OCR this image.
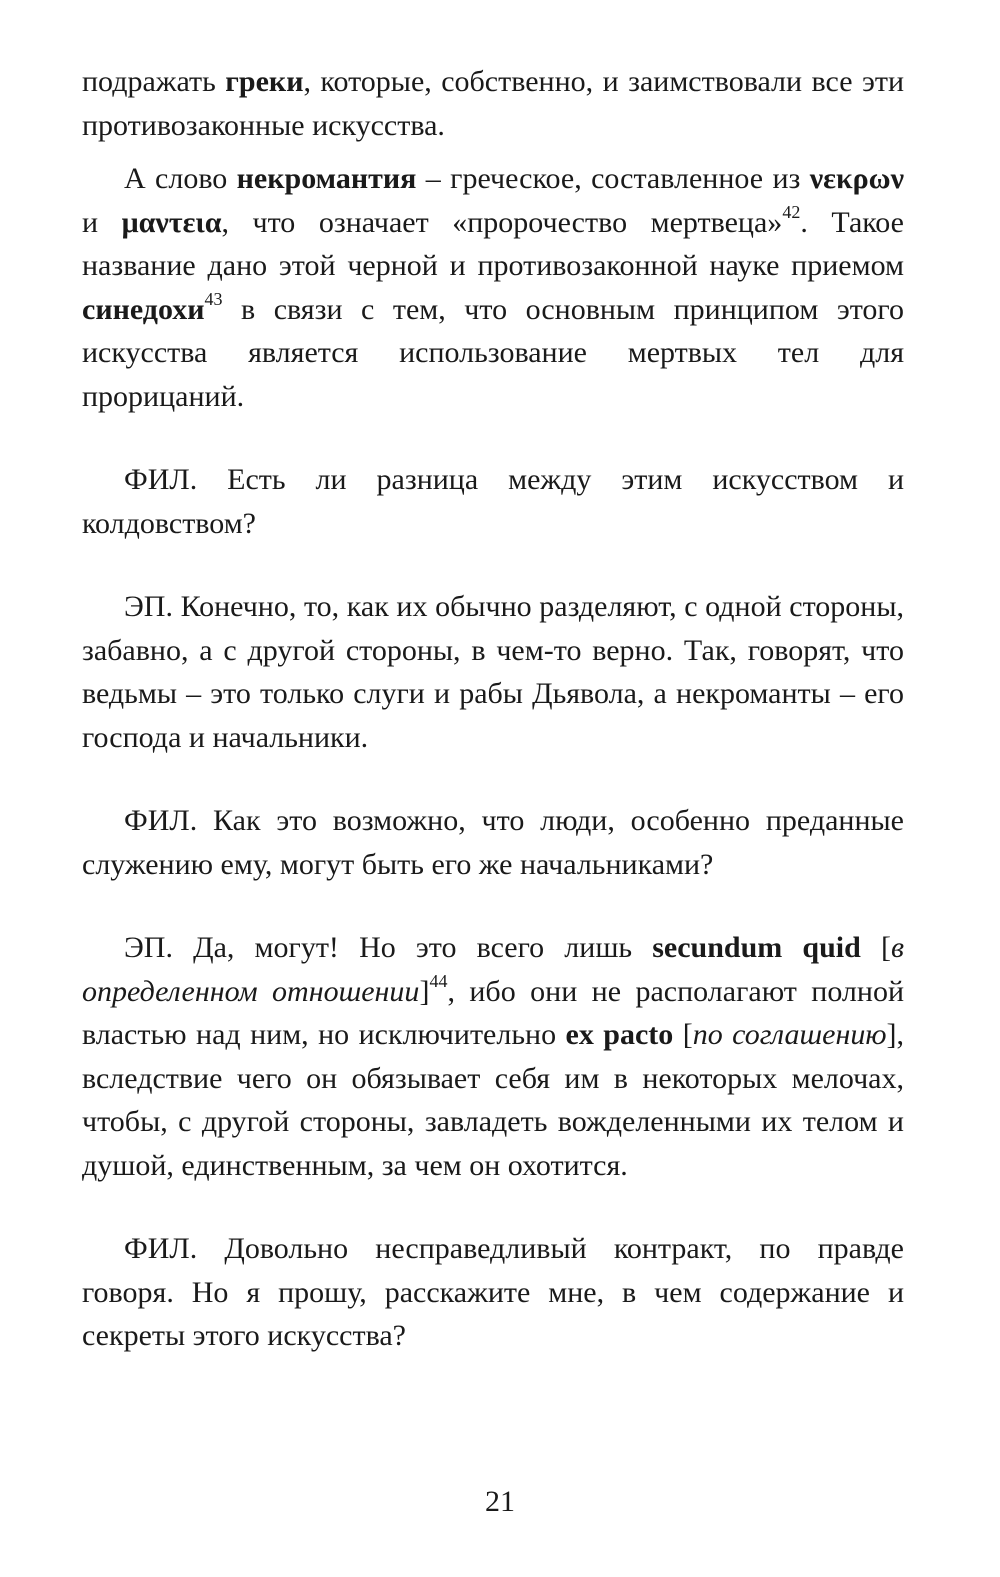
подражать греки, которые, собственно, и заимствовали все эти противозаконные искусства.

А слово некромантия – греческое, составленное из νεκρων и μαντεια, что означает «пророчество мертвеца»$^{42}$. Такое название дано этой черной и противозаконной науке приемом синедохи$^{43}$ в связи с тем, что основным принципом этого искусства является использование мертвых тел для прорицаний.

ФИЛ. Есть ли разница между этим искусством и колдовством?

ЭП. Конечно, то, как их обычно разделяют, с одной стороны, забавно, а с другой стороны, в чем-то верно. Так, говорят, что ведьмы – это только слуги и рабы Дьявола, а некроманты – его господа и начальники.

ФИЛ. Как это возможно, что люди, особенно преданные служению ему, могут быть его же начальниками?

ЭП. Да, могут! Но это всего лишь secundum quid [в определенном отношении]$^{44}$, ибо они не располагают полной властью над ним, но исключительно ex pacto [по соглашению], вследствие чего он обязывает себя им в некоторых мелочах, чтобы, с другой стороны, завладеть вожделенными их телом и душой, единственным, за чем он охотится.

ФИЛ. Довольно несправедливый контракт, по правде говоря. Но я прошу, расскажите мне, в чем содержание и секреты этого искусства?

21
